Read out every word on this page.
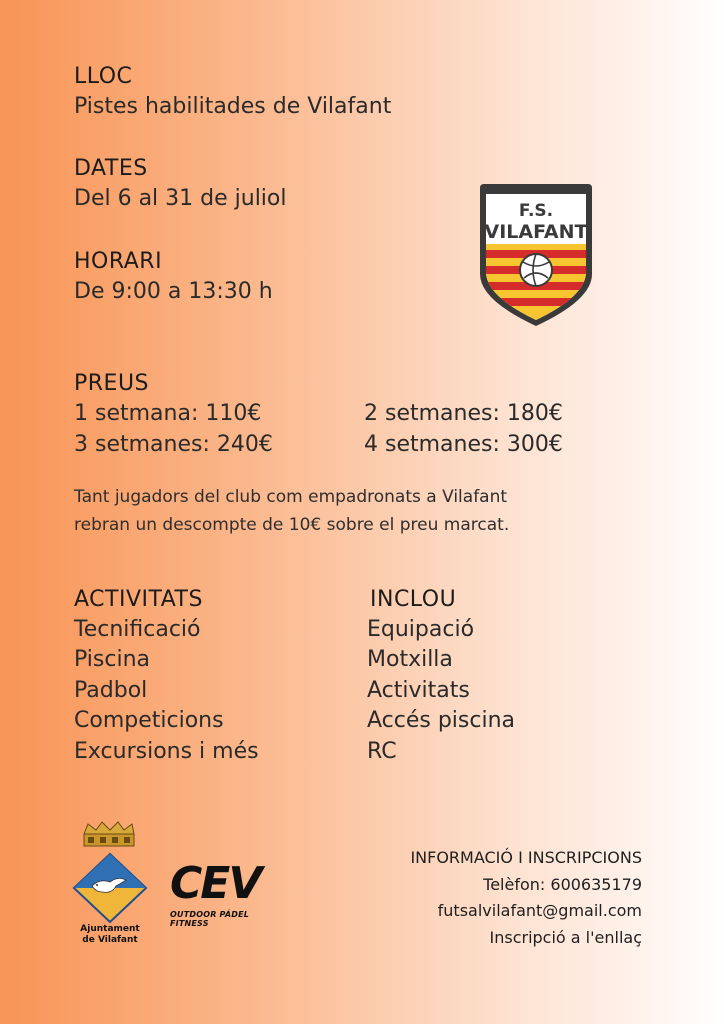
LLOC
Pistes habilitades de Vilafant
DATES
Del 6 al 31 de juliol
HORARI
De 9:00 a 13:30 h
F.S.
VILAFANT
PREUS
1 setmana: 110€	2 setmanes: 180€
3 setmanes: 240€	4 setmanes: 300€
Tant jugadors del club com empadronats a Vilafant
rebran un descompte de 10€ sobre el preu marcat.
ACTIVITATS
Tecnificació
Piscina
Padbol
Competicions
Excursions i més
INCLOU
Equipació
Motxilla
Activitats
Accés piscina
RC
Ajuntament
de Vilafant
CEV
OUTDOOR PÁDEL FITNESS
INFORMACIÓ I INSCRIPCIONS
Telèfon: 600635179
futsalvilafant@gmail.com
Inscripció a l'enllaç
